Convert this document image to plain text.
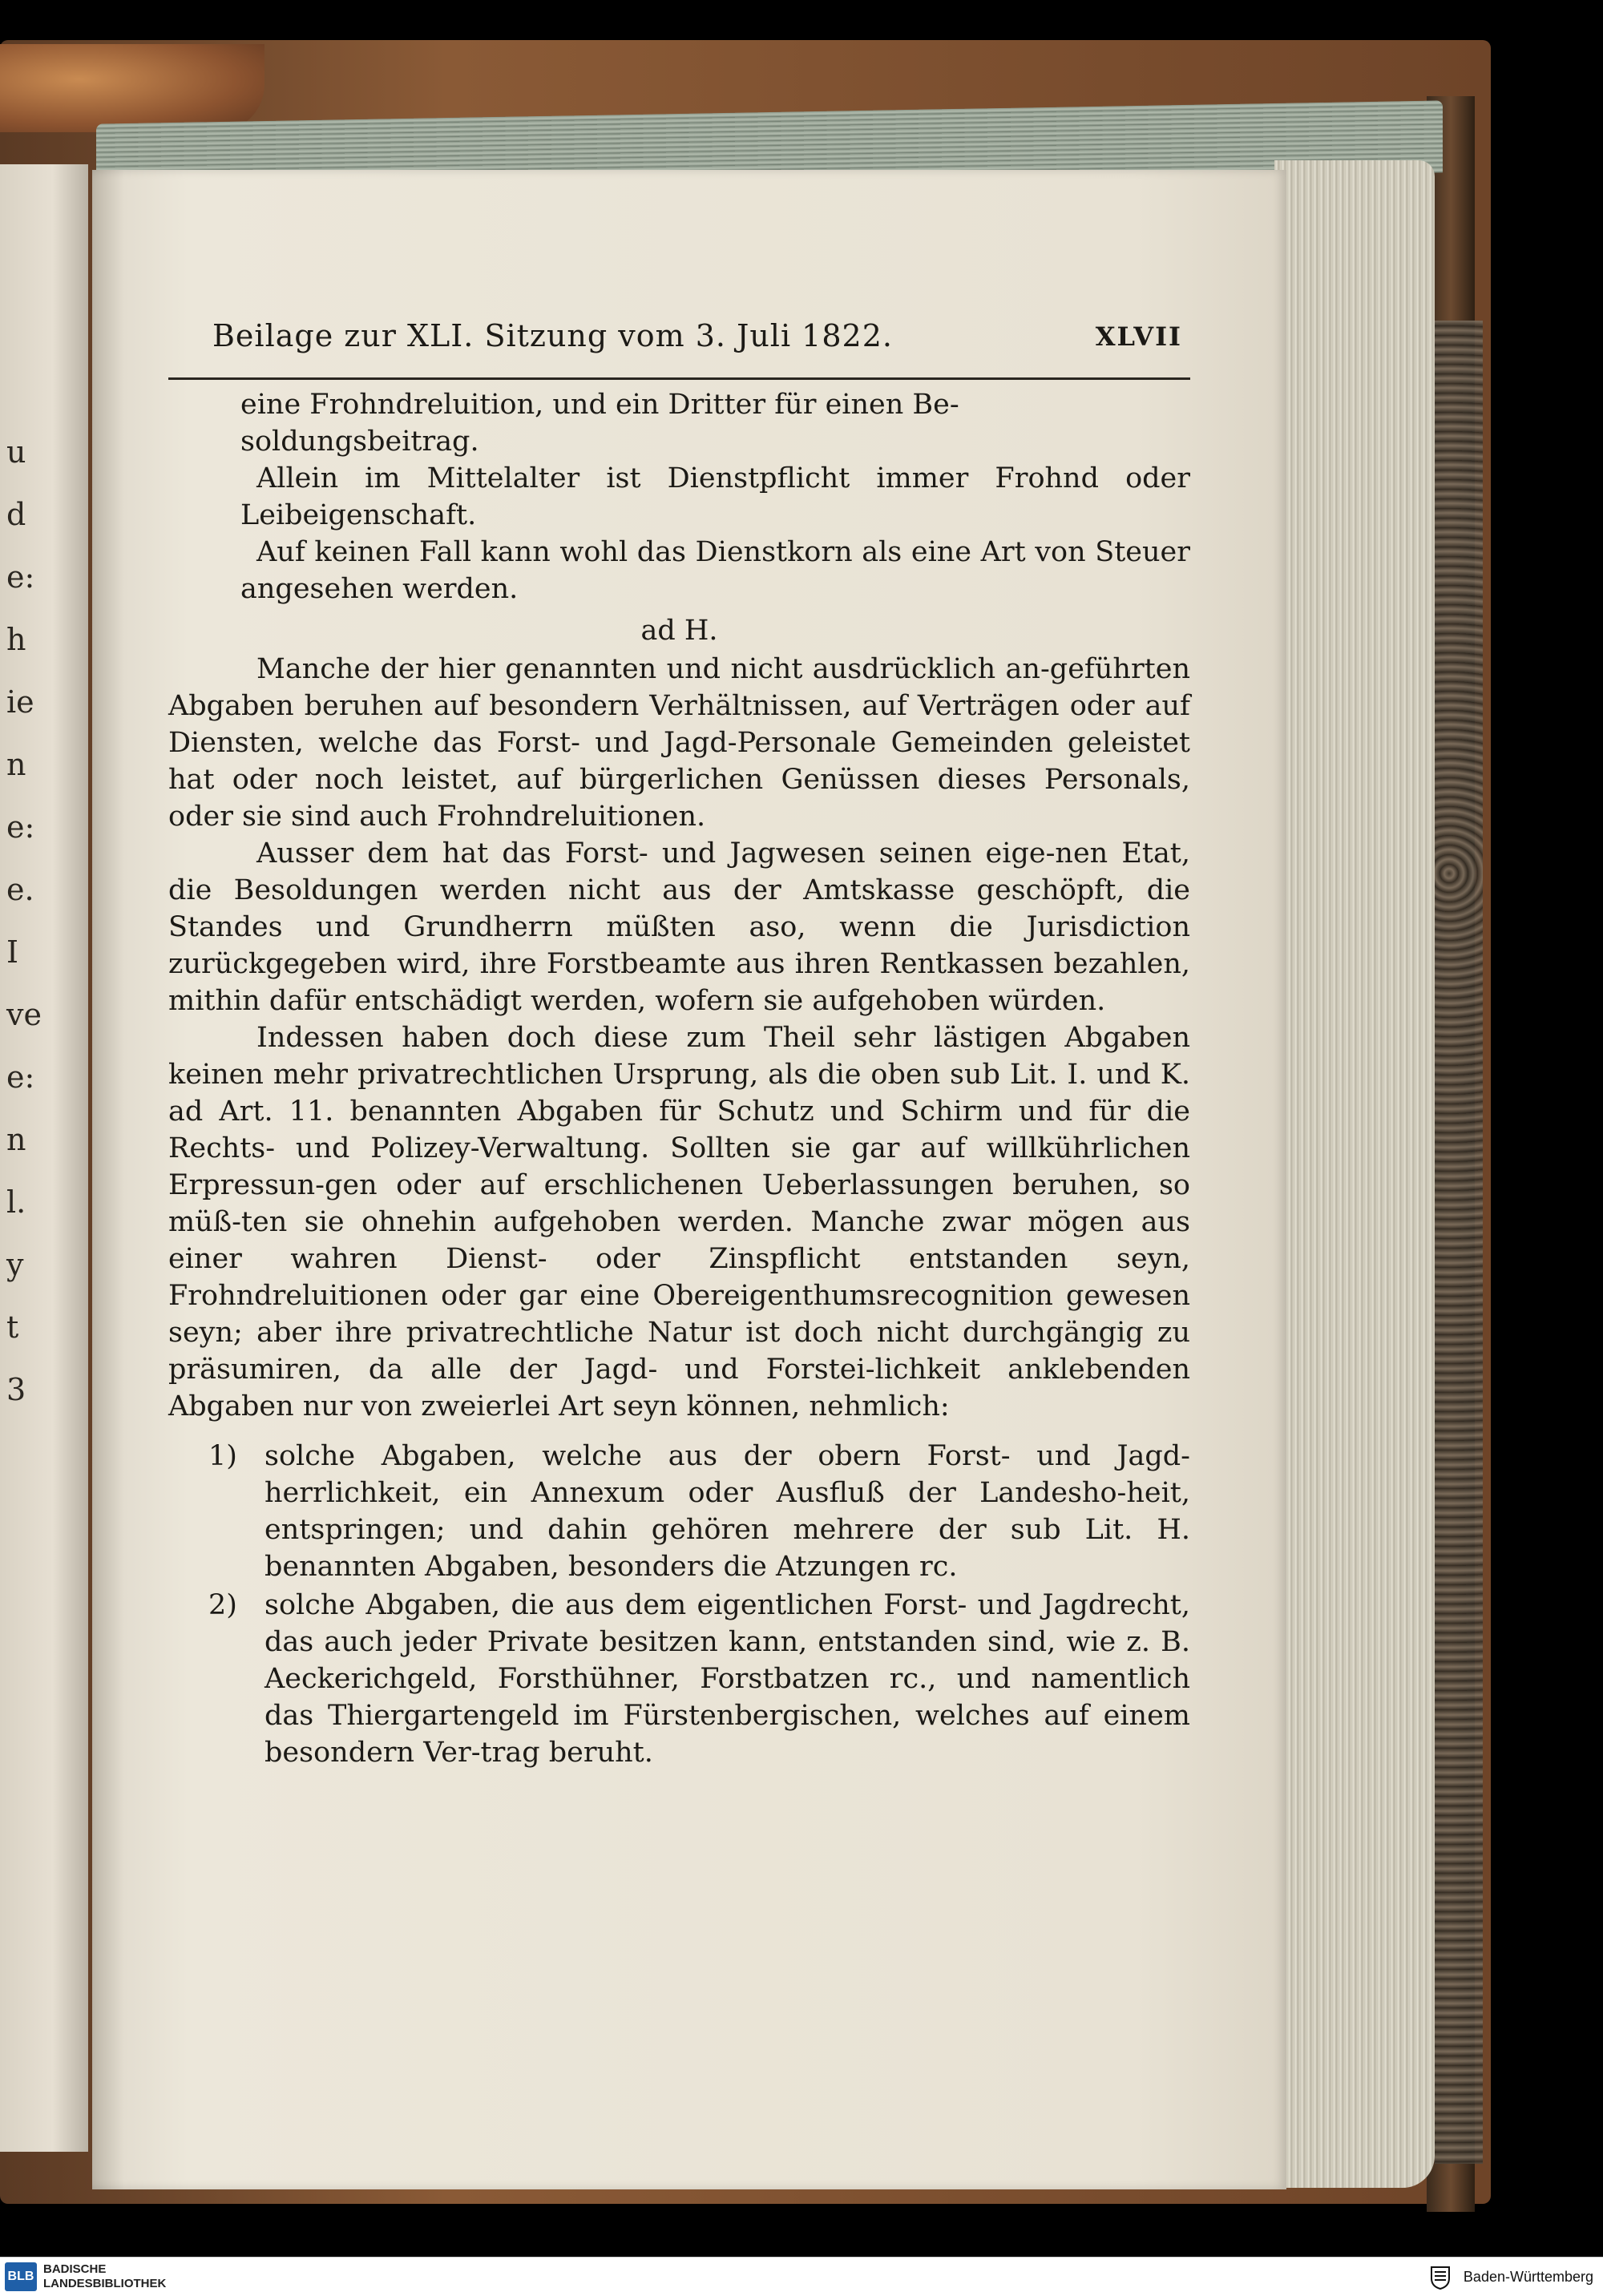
u
d
e:
h
ie
n
e:
e.
I
ve
e:
n
l.
y
t
3
Beilage zur XLI. Sitzung vom 3. Juli 1822.	XLVII

eine Frohndreluition, und ein Dritter für einen Be-

soldungsbeitrag.

Allein im Mittelalter ist Dienstpflicht immer Frohnd oder Leibeigenschaft.

Auf keinen Fall kann wohl das Dienstkorn als eine Art von Steuer angesehen werden.

ad H.

Manche der hier genannten und nicht ausdrücklich an-geführten Abgaben beruhen auf besondern Verhältnissen, auf Verträgen oder auf Diensten, welche das Forst- und Jagd-Personale Gemeinden geleistet hat oder noch leistet, auf bürgerlichen Genüssen dieses Personals, oder sie sind auch Frohndreluitionen.

Ausser dem hat das Forst- und Jagwesen seinen eige-nen Etat, die Besoldungen werden nicht aus der Amtskasse geschöpft, die Standes und Grundherrn müßten aso, wenn die Jurisdiction zurückgegeben wird, ihre Forstbeamte aus ihren Rentkassen bezahlen, mithin dafür entschädigt werden, wofern sie aufgehoben würden.

Indessen haben doch diese zum Theil sehr lästigen Abgaben keinen mehr privatrechtlichen Ursprung, als die oben sub Lit. I. und K. ad Art. 11. benannten Abgaben für Schutz und Schirm und für die Rechts- und Polizey-Verwaltung. Sollten sie gar auf willkührlichen Erpressun-gen oder auf erschlichenen Ueberlassungen beruhen, so müß-ten sie ohnehin aufgehoben werden. Manche zwar mögen aus einer wahren Dienst- oder Zinspflicht entstanden seyn, Frohndreluitionen oder gar eine Obereigenthumsrecognition gewesen seyn; aber ihre privatrechtliche Natur ist doch nicht durchgängig zu präsumiren, da alle der Jagd- und Forstei-lichkeit anklebenden Abgaben nur von zweierlei Art seyn können, nehmlich:

1) solche Abgaben, welche aus der obern Forst- und Jagd-herrlichkeit, ein Annexum oder Ausfluß der Landesho-heit, entspringen; und dahin gehören mehrere der sub Lit. H. benannten Abgaben, besonders die Atzungen rc.
2) solche Abgaben, die aus dem eigentlichen Forst- und Jagdrecht, das auch jeder Private besitzen kann, entstanden sind, wie z. B. Aeckerichgeld, Forsthühner, Forstbatzen rc., und namentlich das Thiergartengeld im Fürstenbergischen, welches auf einem besondern Ver-trag beruht.
BLB
BADISCHE
LANDESBIBLIOTHEK	Baden-Württemberg
